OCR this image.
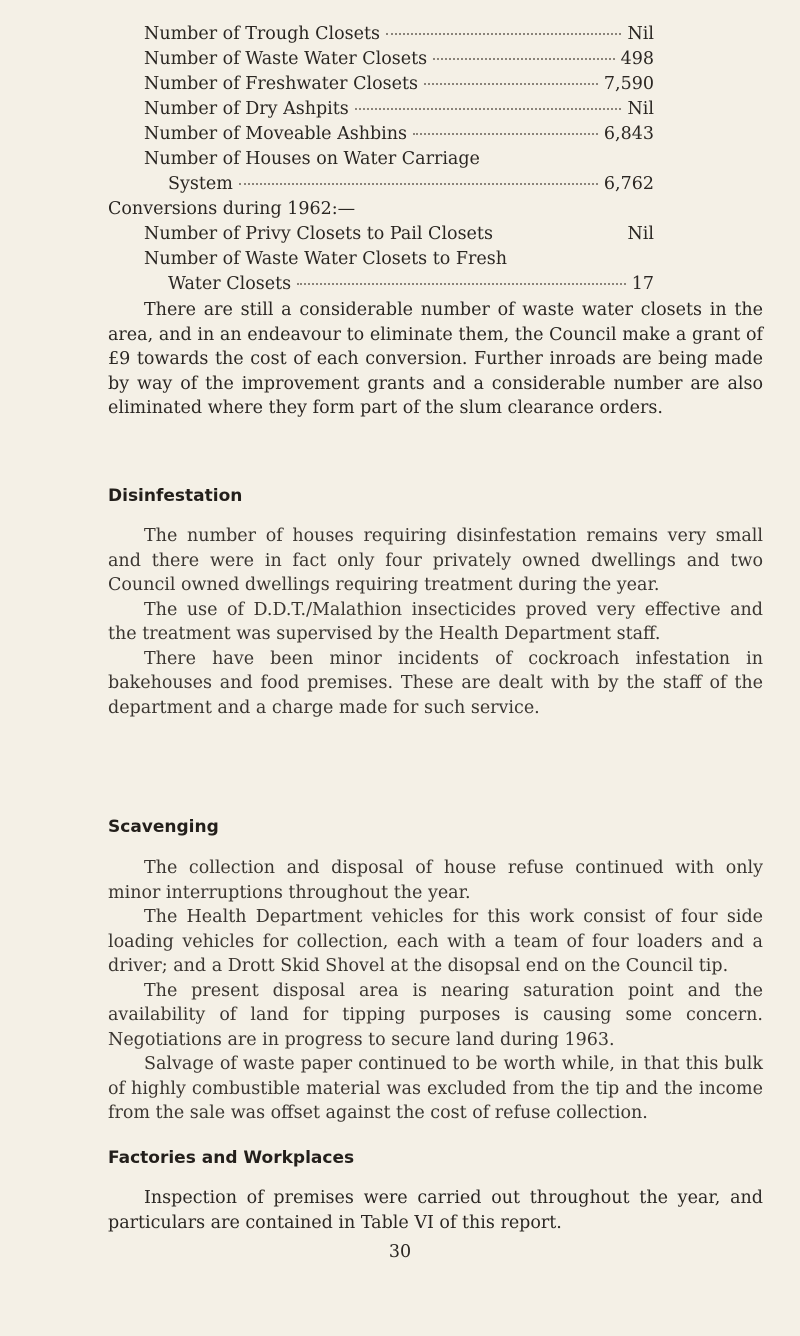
Number of Trough Closets	Nil
Number of Waste Water Closets	498
Number of Freshwater Closets	7,590
Number of Dry Ashpits	Nil
Number of Moveable Ashbins	6,843
Number of Houses on Water Carriage
System	6,762
Conversions during 1962:—
Number of Privy Closets to Pail Closets	Nil
Number of Waste Water Closets to Fresh
Water Closets	17

There are still a considerable number of waste water closets in the area, and in an endeavour to eliminate them, the Council make a grant of £9 towards the cost of each conversion. Further inroads are being made by way of the improvement grants and a considerable number are also eliminated where they form part of the slum clearance orders.

Disinfestation

The number of houses requiring disinfestation remains very small and there were in fact only four privately owned dwellings and two Council owned dwellings requiring treatment during the year.

The use of D.D.T./Malathion insecticides proved very effective and the treatment was supervised by the Health Department staff.

There have been minor incidents of cockroach infestation in bakehouses and food premises. These are dealt with by the staff of the department and a charge made for such service.

Scavenging

The collection and disposal of house refuse continued with only minor interruptions throughout the year.

The Health Department vehicles for this work consist of four side loading vehicles for collection, each with a team of four loaders and a driver; and a Drott Skid Shovel at the disopsal end on the Council tip.

The present disposal area is nearing saturation point and the availability of land for tipping purposes is causing some concern. Negotiations are in progress to secure land during 1963.

Salvage of waste paper continued to be worth while, in that this bulk of highly combustible material was excluded from the tip and the income from the sale was offset against the cost of refuse collection.

Factories and Workplaces

Inspection of premises were carried out throughout the year, and particulars are contained in Table VI of this report.

30
